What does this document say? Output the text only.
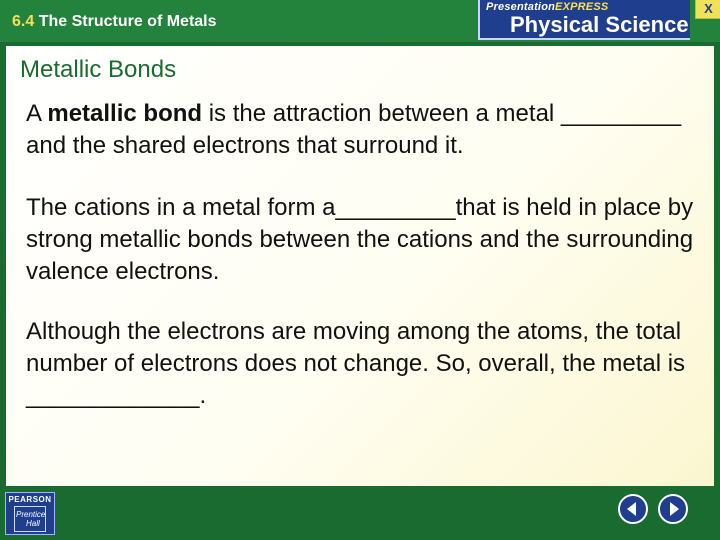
6.4 The Structure of Metals
PresentationEXPRESS
Physical Science
X
Metallic Bonds

A metallic bond is the attraction between a metal _________ and the shared electrons that surround it.

The cations in a metal form a_________that is held in place by strong metallic bonds between the cations and the surrounding valence electrons.

Although the electrons are moving among the atoms, the total number of electrons does not change. So, overall, the metal is _____________.

PEARSON
Prentice
Hall
